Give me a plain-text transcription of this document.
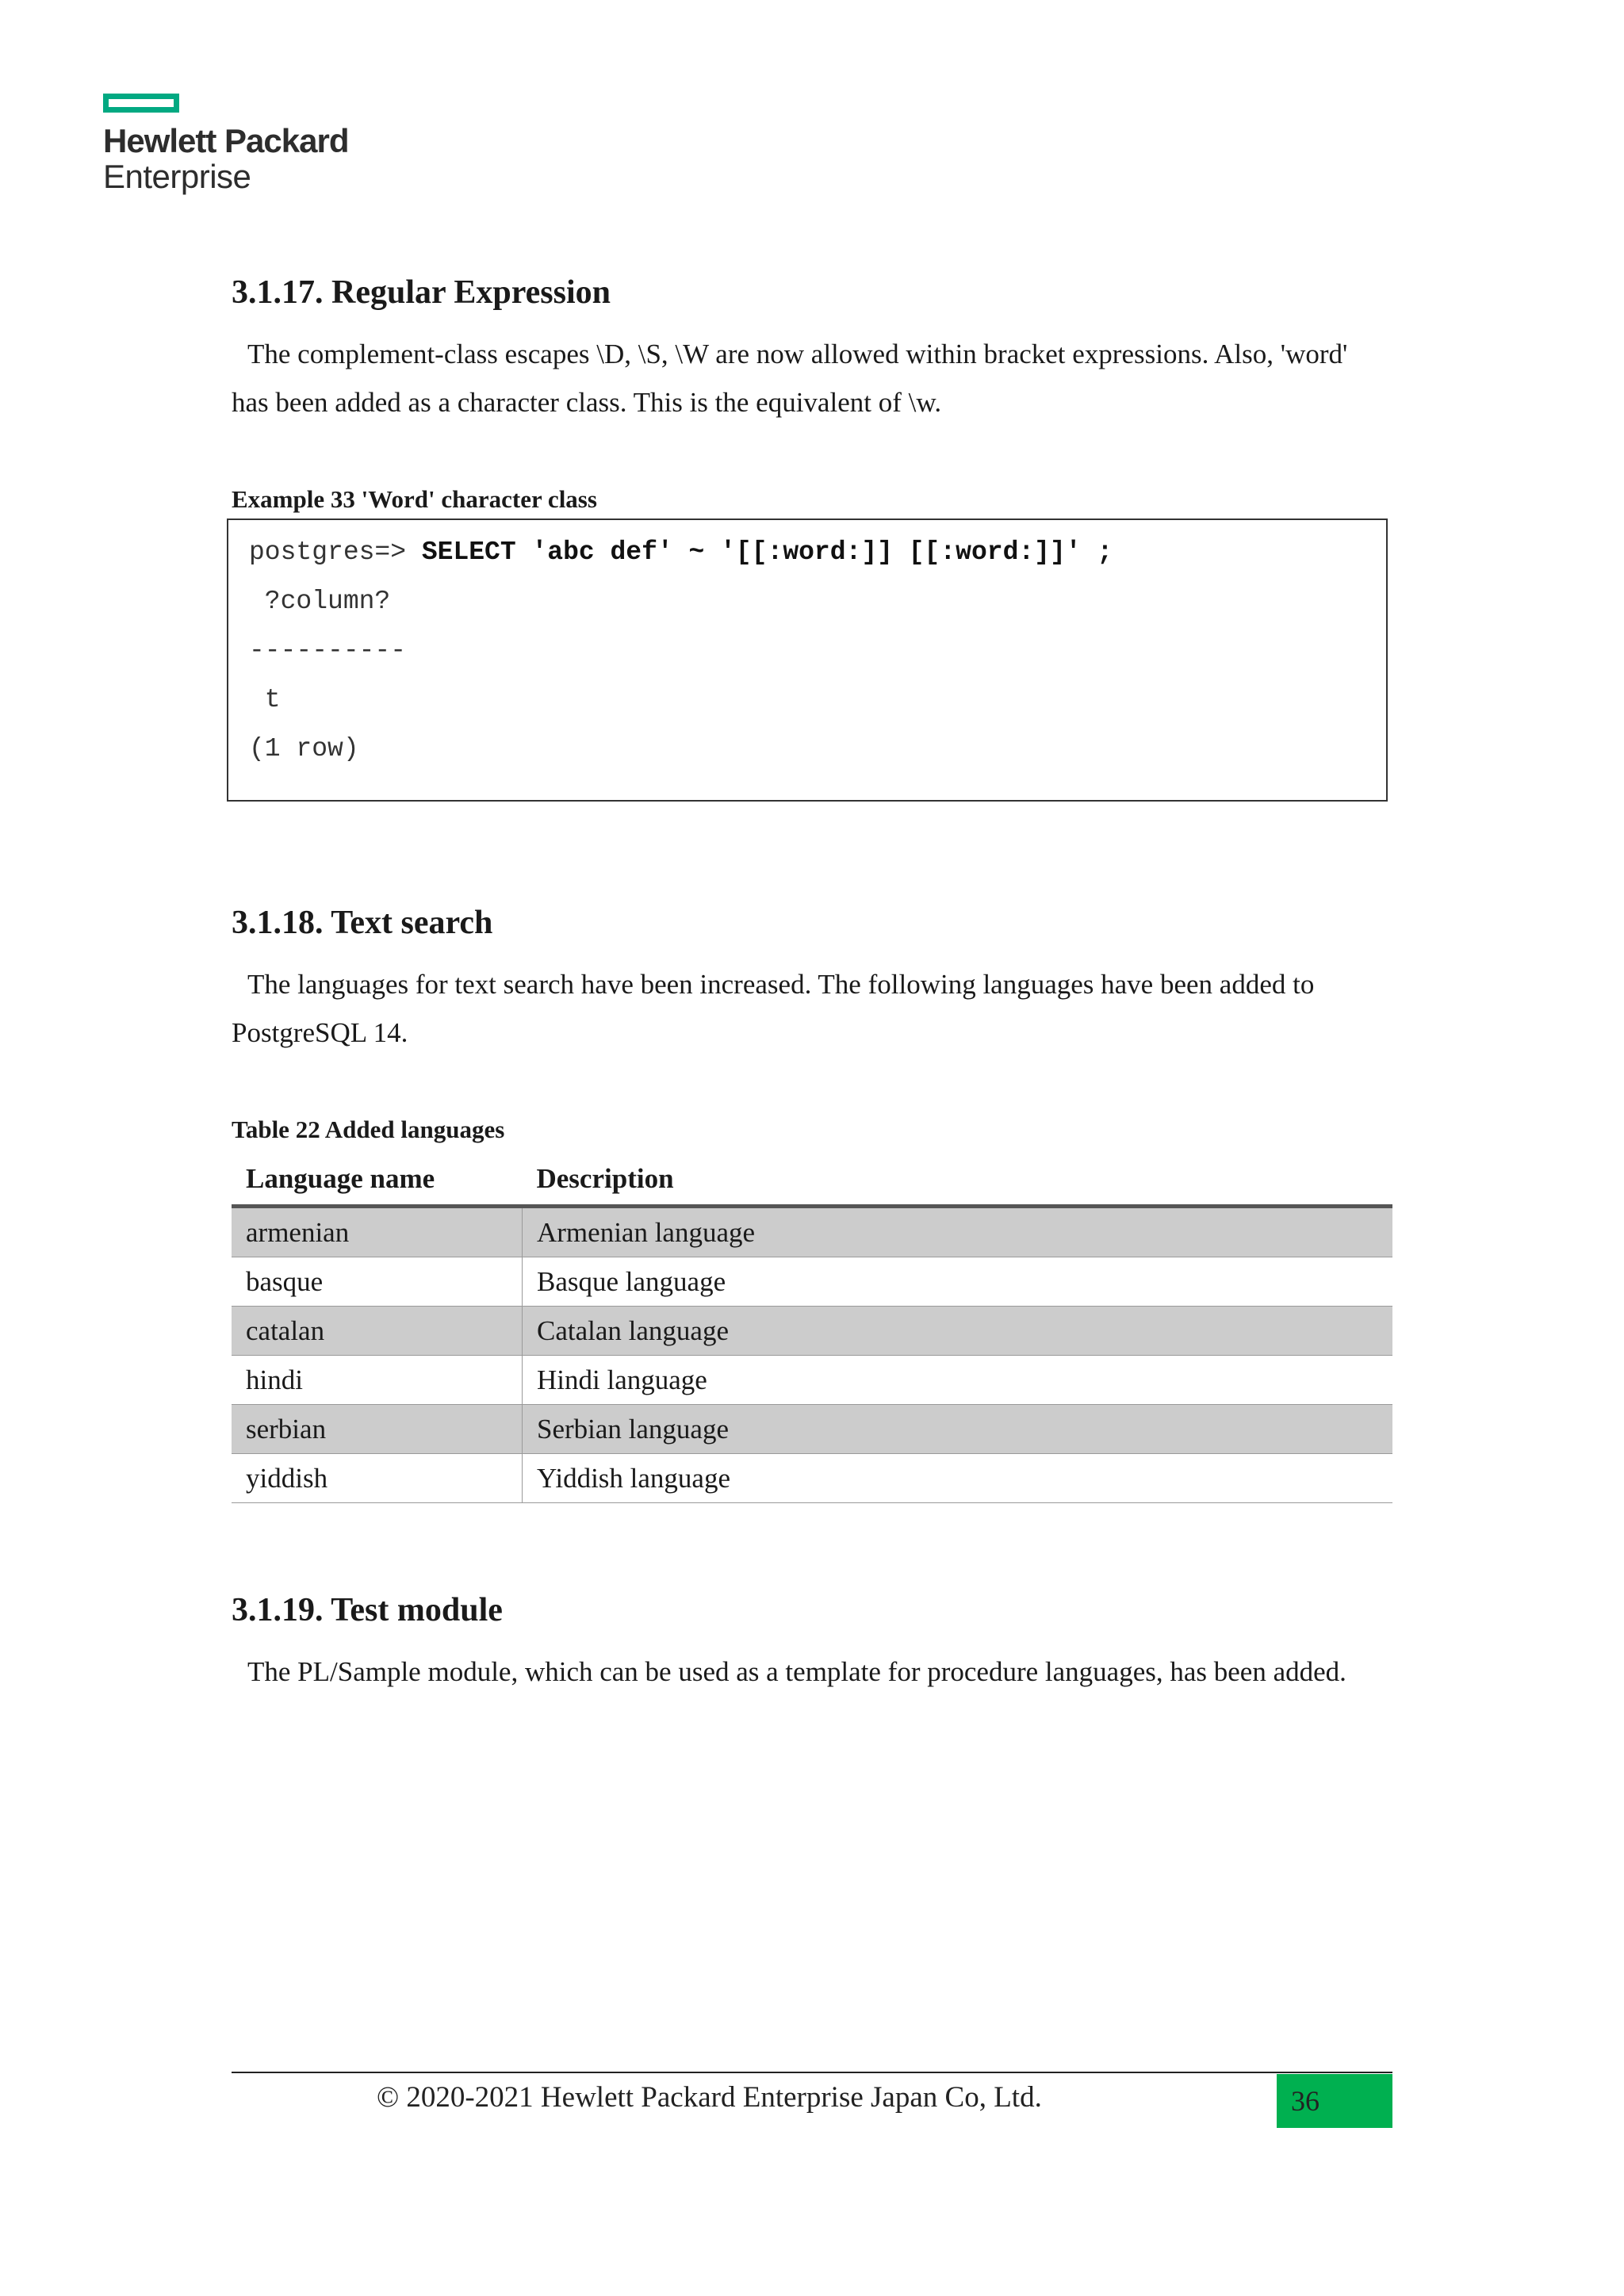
Hewlett Packard
Enterprise
3.1.17. Regular Expression

The complement-class escapes \D, \S, \W are now allowed within bracket expressions. Also, 'word'
has been added as a character class. This is the equivalent of \w.

Example 33 'Word' character class
postgres=> SELECT 'abc def' ~ '[[:word:]] [[:word:]]' ;
?column?
----------
t
(1 row)
3.1.18. Text search

The languages for text search have been increased. The following languages have been added to
PostgreSQL 14.

Table 22 Added languages
Language name	Description
armenian	Armenian language
basque	Basque language
catalan	Catalan language
hindi	Hindi language
serbian	Serbian language
yiddish	Yiddish language
3.1.19. Test module

The PL/Sample module, which can be used as a template for procedure languages, has been added.

© 2020-2021 Hewlett Packard Enterprise Japan Co, Ltd.	36
